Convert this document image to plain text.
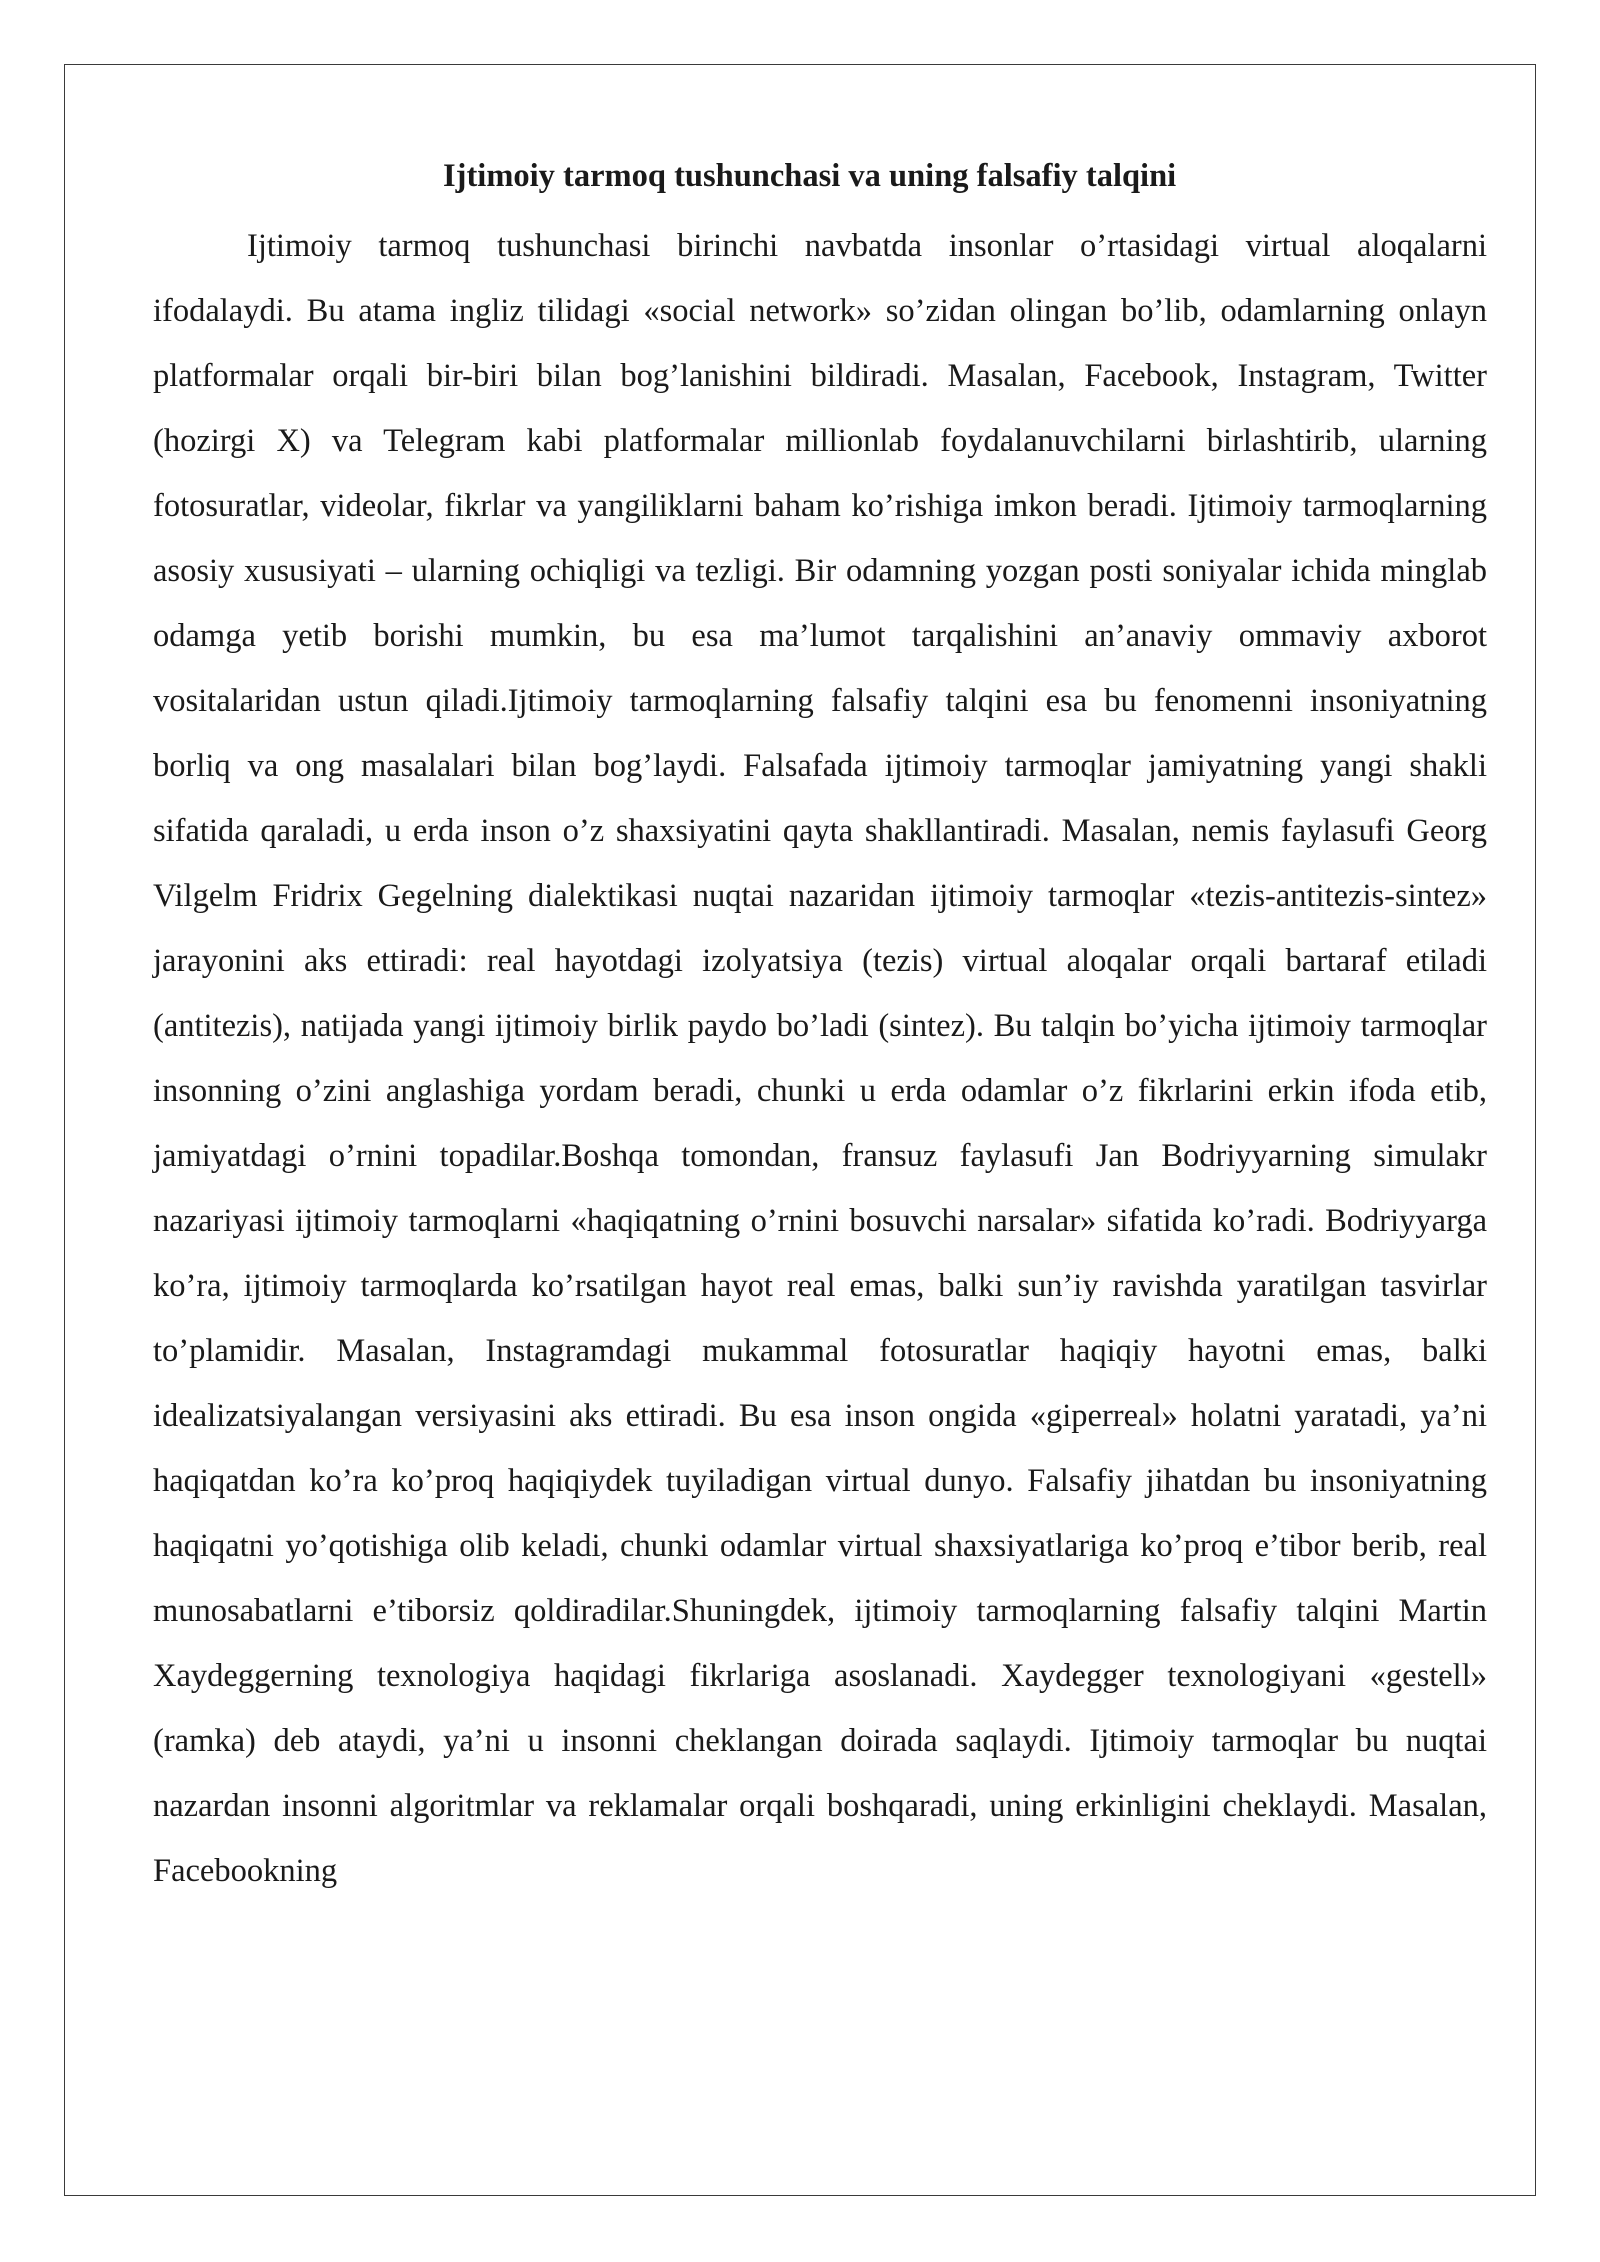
Ijtimoiy tarmoq tushunchasi va uning falsafiy talqini

Ijtimoiy tarmoq tushunchasi birinchi navbatda insonlar o’rtasidagi virtual aloqalarni ifodalaydi. Bu atama ingliz tilidagi «social network» so’zidan olingan bo’lib, odamlarning onlayn platformalar orqali bir-biri bilan bog’lanishini bildiradi. Masalan, Facebook, Instagram, Twitter (hozirgi X) va Telegram kabi platformalar millionlab foydalanuvchilarni birlashtirib, ularning fotosuratlar, videolar, fikrlar va yangiliklarni baham ko’rishiga imkon beradi. Ijtimoiy tarmoqlarning asosiy xususiyati – ularning ochiqligi va tezligi. Bir odamning yozgan posti soniyalar ichida minglab odamga yetib borishi mumkin, bu esa ma’lumot tarqalishini an’anaviy ommaviy axborot vositalaridan ustun qiladi.Ijtimoiy tarmoqlarning falsafiy talqini esa bu fenomenni insoniyatning borliq va ong masalalari bilan bog’laydi. Falsafada ijtimoiy tarmoqlar jamiyatning yangi shakli sifatida qaraladi, u erda inson o’z shaxsiyatini qayta shakllantiradi. Masalan, nemis faylasufi Georg Vilgelm Fridrix Gegelning dialektikasi nuqtai nazaridan ijtimoiy tarmoqlar «tezis-antitezis-sintez» jarayonini aks ettiradi: real hayotdagi izolyatsiya (tezis) virtual aloqalar orqali bartaraf etiladi (antitezis), natijada yangi ijtimoiy birlik paydo bo’ladi (sintez). Bu talqin bo’yicha ijtimoiy tarmoqlar insonning o’zini anglashiga yordam beradi, chunki u erda odamlar o’z fikrlarini erkin ifoda etib, jamiyatdagi o’rnini topadilar.Boshqa tomondan, fransuz faylasufi Jan Bodriyyarning simulakr nazariyasi ijtimoiy tarmoqlarni «haqiqatning o’rnini bosuvchi narsalar» sifatida ko’radi. Bodriyyarga ko’ra, ijtimoiy tarmoqlarda ko’rsatilgan hayot real emas, balki sun’iy ravishda yaratilgan tasvirlar to’plamidir. Masalan, Instagramdagi mukammal fotosuratlar haqiqiy hayotni emas, balki idealizatsiyalangan versiyasini aks ettiradi. Bu esa inson ongida «giperreal» holatni yaratadi, ya’ni haqiqatdan ko’ra ko’proq haqiqiydek tuyiladigan virtual dunyo. Falsafiy jihatdan bu insoniyatning haqiqatni yo’qotishiga olib keladi, chunki odamlar virtual shaxsiyatlariga ko’proq e’tibor berib, real munosabatlarni e’tiborsiz qoldiradilar.Shuningdek, ijtimoiy tarmoqlarning falsafiy talqini Martin Xaydeggerning texnologiya haqidagi fikrlariga asoslanadi. Xaydegger texnologiyani «gestell» (ramka) deb ataydi, ya’ni u insonni cheklangan doirada saqlaydi. Ijtimoiy tarmoqlar bu nuqtai nazardan insonni algoritmlar va reklamalar orqali boshqaradi, uning erkinligini cheklaydi. Masalan, Facebookning
